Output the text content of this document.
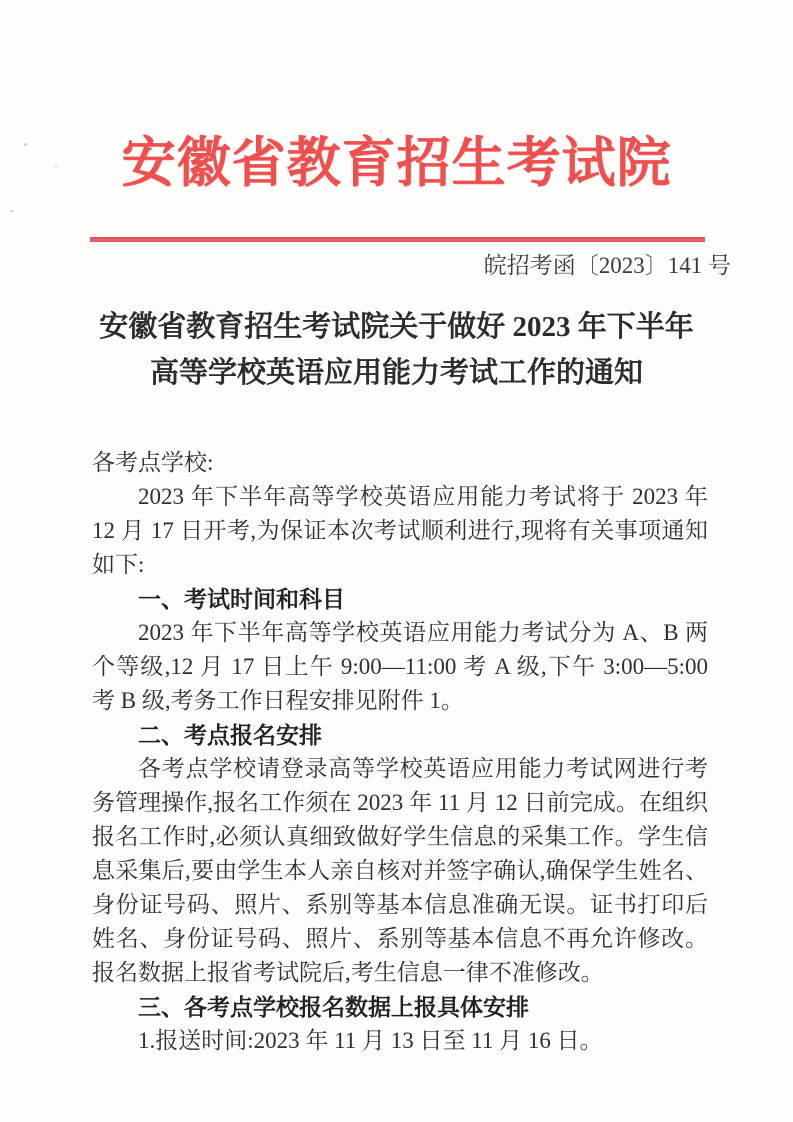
安徽省教育招生考试院
皖招考函〔2023〕141 号
安徽省教育招生考试院关于做好 2023 年下半年
高等学校英语应用能力考试工作的通知

各考点学校:

2023 年下半年高等学校英语应用能力考试将于 2023 年 12 月 17 日开考,为保证本次考试顺利进行,现将有关事项通知如下:

一、考试时间和科目

2023 年下半年高等学校英语应用能力考试分为 A、B 两个等级,12 月 17 日上午 9:00—11:00 考 A 级,下午 3:00—5:00 考 B 级,考务工作日程安排见附件 1。

二、考点报名安排

各考点学校请登录高等学校英语应用能力考试网进行考务管理操作,报名工作须在 2023 年 11 月 12 日前完成。在组织报名工作时,必须认真细致做好学生信息的采集工作。学生信息采集后,要由学生本人亲自核对并签字确认,确保学生姓名、身份证号码、照片、系别等基本信息准确无误。证书打印后姓名、身份证号码、照片、系别等基本信息不再允许修改。报名数据上报省考试院后,考生信息一律不准修改。

三、各考点学校报名数据上报具体安排

1.报送时间:2023 年 11 月 13 日至 11 月 16 日。
